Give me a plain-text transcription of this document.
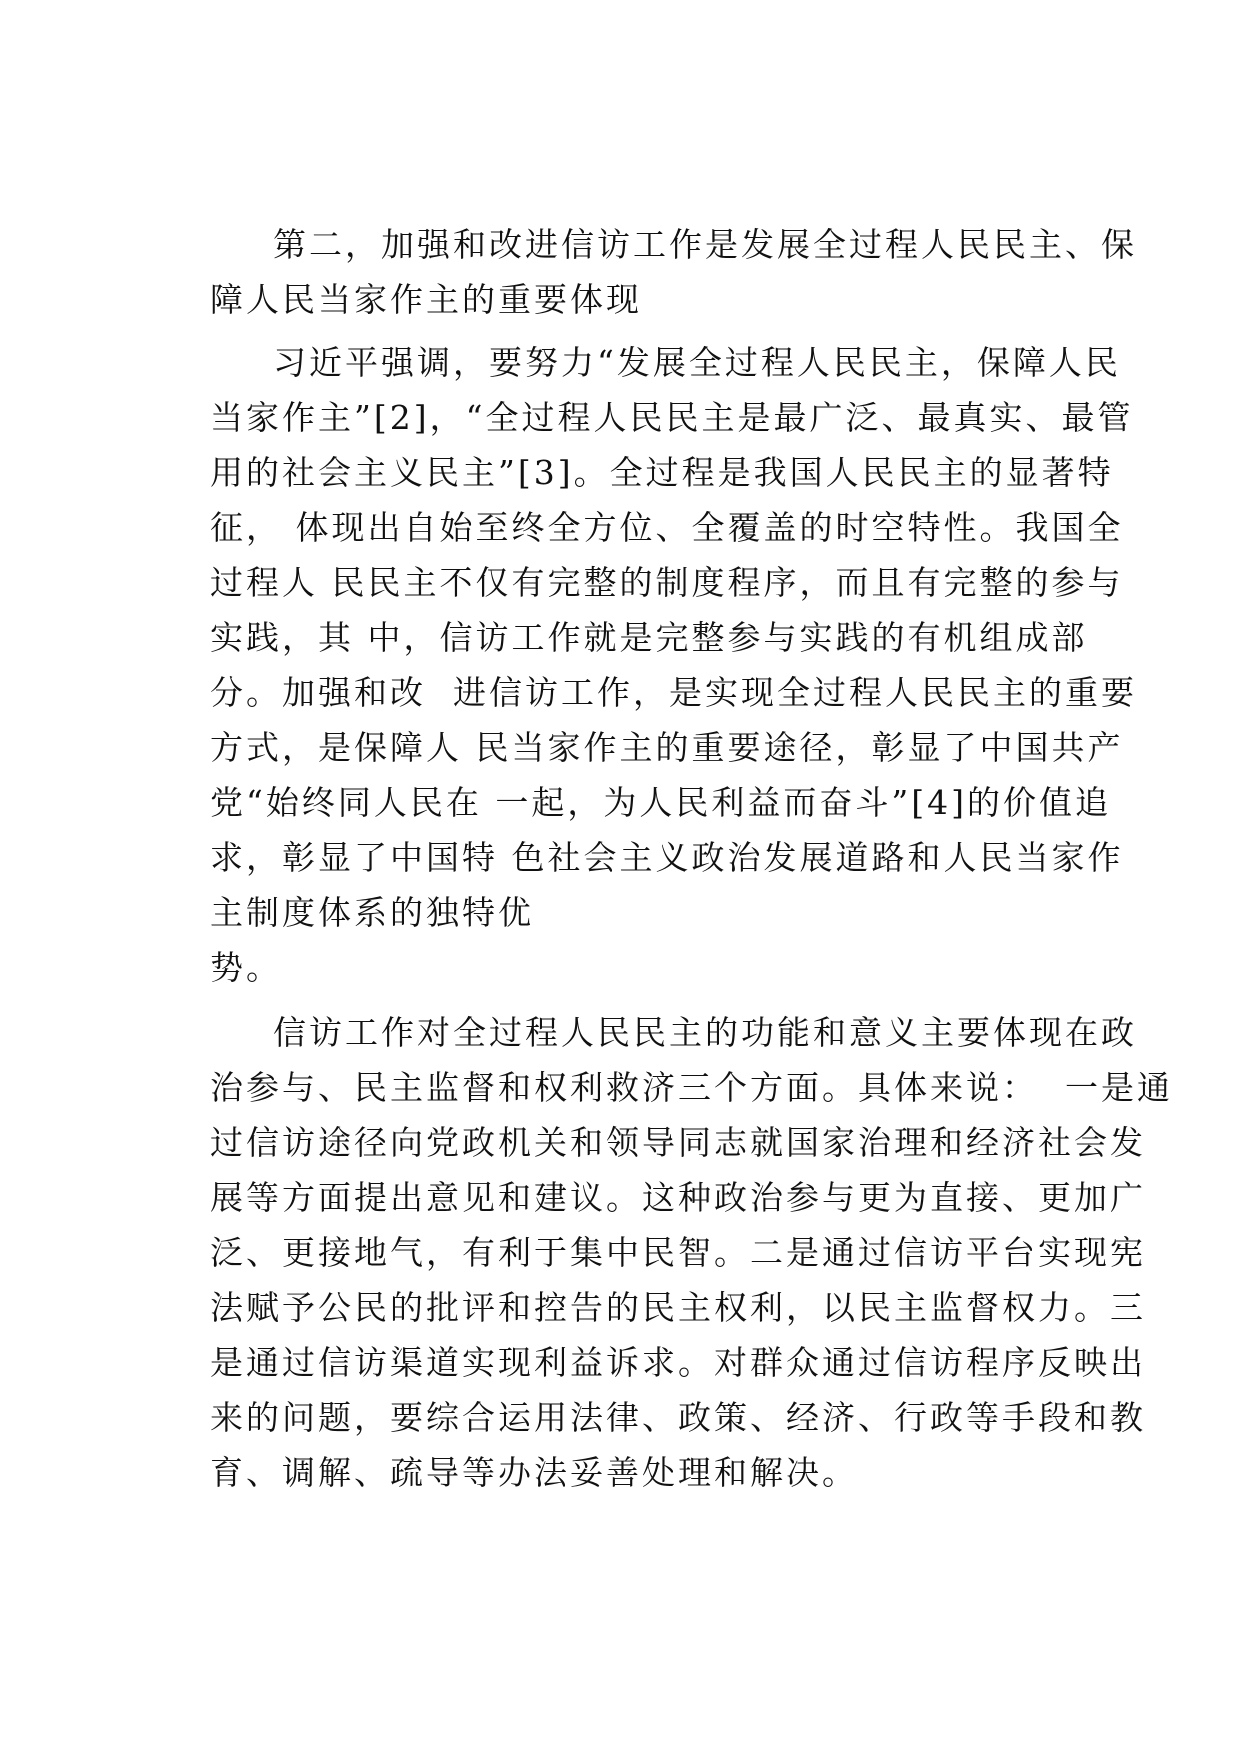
第二，加强和改进信访工作是发展全过程人民民主、保
障人民当家作主的重要体现
习近平强调，要努力“发展全过程人民民主，保障人民
当家作主”[2]，“全过程人民民主是最广泛、最真实、最管
用的社会主义民主”[3]。全过程是我国人民民主的显著特
征， 体现出自始至终全方位、全覆盖的时空特性。我国全
过程人 民民主不仅有完整的制度程序，而且有完整的参与
实践，其 中，信访工作就是完整参与实践的有机组成部
分。加强和改  进信访工作，是实现全过程人民民主的重要
方式，是保障人 民当家作主的重要途径，彰显了中国共产
党“始终同人民在 一起，为人民利益而奋斗”[4]的价值追
求，彰显了中国特 色社会主义政治发展道路和人民当家作
主制度体系的独特优
势。
信访工作对全过程人民民主的功能和意义主要体现在政
治参与、民主监督和权利救济三个方面。具体来说：  一是通
过信访途径向党政机关和领导同志就国家治理和经济社会发
展等方面提出意见和建议。这种政治参与更为直接、更加广
泛、更接地气，有利于集中民智。二是通过信访平台实现宪
法赋予公民的批评和控告的民主权利，以民主监督权力。三
是通过信访渠道实现利益诉求。对群众通过信访程序反映出
来的问题，要综合运用法律、政策、经济、行政等手段和教
育、调解、疏导等办法妥善处理和解决。
